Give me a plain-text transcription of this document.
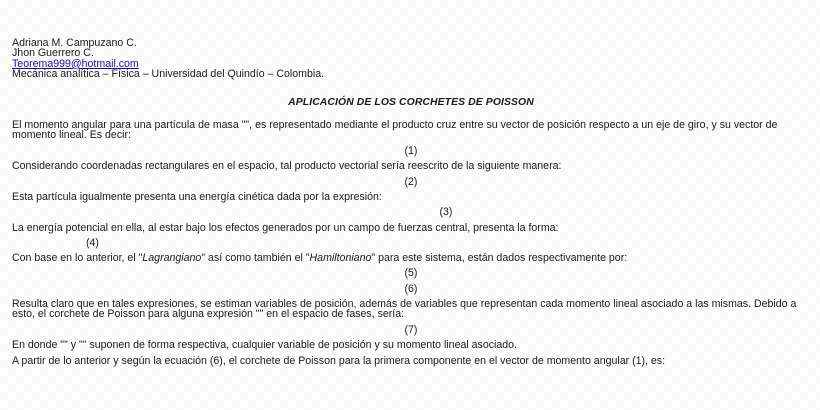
Adriana M. Campuzano C.
Jhon Guerrero C.
Teorema999@hotmail.com
Mecánica analítica – Física – Universidad del Quindío – Colombia.
APLICACIÓN DE LOS CORCHETES DE POISSON

El momento angular para una partícula de masa "", es representado mediante el producto cruz entre su vector de posición respecto a un eje de giro, y su vector de momento lineal. Es decir:

(1)

Considerando coordenadas rectangulares en el espacio, tal producto vectorial sería reescrito de la siguiente manera:

(2)

Esta partícula igualmente presenta una energía cinética dada por la expresión:

(3)

La energía potencial en ella, al estar bajo los efectos generados por un campo de fuerzas central, presenta la forma:

(4)

Con base en lo anterior, el "Lagrangiano" así como también el "Hamiltoniano" para este sistema, están dados respectivamente por:

(5)
(6)

Resulta claro que en tales expresiones, se estiman variables de posición, además de variables que representan cada momento lineal asociado a las mismas. Debido a esto, el corchete de Poisson para alguna expresión "" en el espacio de fases, sería:

(7)

En donde "" y "" suponen de forma respectiva, cualquier variable de posición y su momento lineal asociado.

A partir de lo anterior y según la ecuación (6), el corchete de Poisson para la primera componente en el vector de momento angular (1), es:
